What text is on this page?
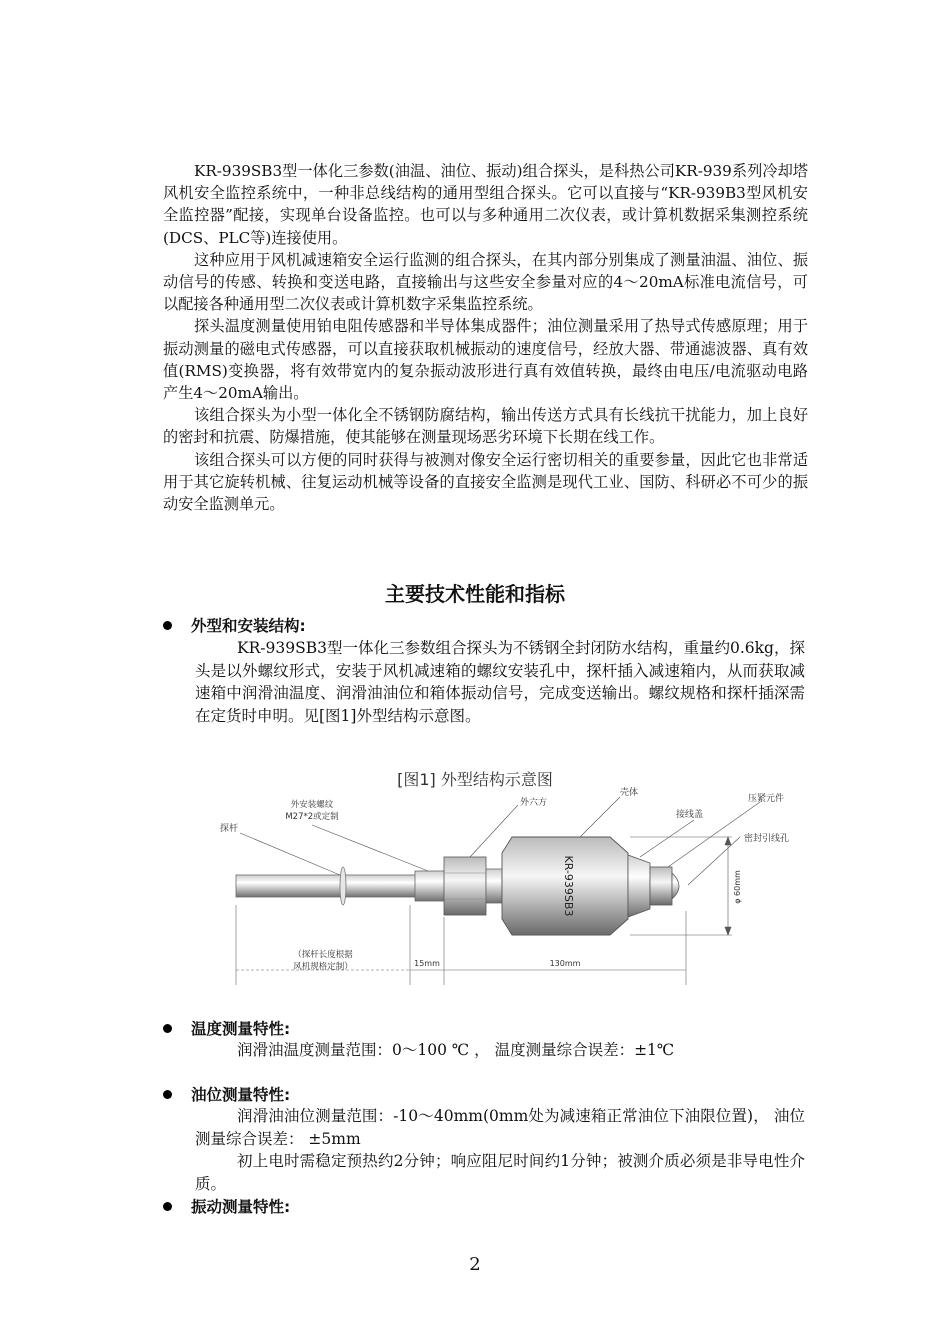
KR-939SB3型一体化三参数(油温、油位、振动)组合探头，是科热公司KR-939系列冷却塔风机安全监控系统中，一种非总线结构的通用型组合探头。它可以直接与“KR-939B3型风机安全监控器”配接，实现单台设备监控。也可以与多种通用二次仪表，或计算机数据采集测控系统(DCS、PLC等)连接使用。

这种应用于风机减速箱安全运行监测的组合探头，在其内部分别集成了测量油温、油位、振动信号的传感、转换和变送电路，直接输出与这些安全参量对应的4～20mA标准电流信号，可以配接各种通用型二次仪表或计算机数字采集监控系统。

探头温度测量使用铂电阻传感器和半导体集成器件；油位测量采用了热导式传感原理；用于振动测量的磁电式传感器，可以直接获取机械振动的速度信号，经放大器、带通滤波器、真有效值(RMS)变换器，将有效带宽内的复杂振动波形进行真有效值转换，最终由电压/电流驱动电路产生4～20mA输出。

该组合探头为小型一体化全不锈钢防腐结构，输出传送方式具有长线抗干扰能力，加上良好的密封和抗震、防爆措施，使其能够在测量现场恶劣环境下长期在线工作。

该组合探头可以方便的同时获得与被测对像安全运行密切相关的重要参量，因此它也非常适用于其它旋转机械、往复运动机械等设备的直接安全监测是现代工业、国防、科研必不可少的振动安全监测单元。

主要技术性能和指标
外型和安装结构:

KR-939SB3型一体化三参数组合探头为不锈钢全封闭防水结构，重量约0.6kg，探头是以外螺纹形式，安装于风机减速箱的螺纹安装孔中，探杆插入减速箱内，从而获取减速箱中润滑油温度、润滑油油位和箱体振动信号，完成变送输出。螺纹规格和探杆插深需在定货时申明。见[图1]外型结构示意图。

[图1] 外型结构示意图
KR-939SB3	φ 60mm
（探杆长度根据
风机规格定制）	15mm	130mm
探杆
外安装螺纹
M27*2或定制
外六方
壳体
接线盖
压紧元件
密封引线孔
温度测量特性:

润滑油温度测量范围：0～100 ℃ ， 温度测量综合误差：±1℃

油位测量特性:

润滑油油位测量范围：-10～40mm(0mm处为减速箱正常油位下油限位置)， 油位测量综合误差： ±5mm

初上电时需稳定预热约2分钟；响应阻尼时间约1分钟；被测介质必须是非导电性介质。

振动测量特性:
2
